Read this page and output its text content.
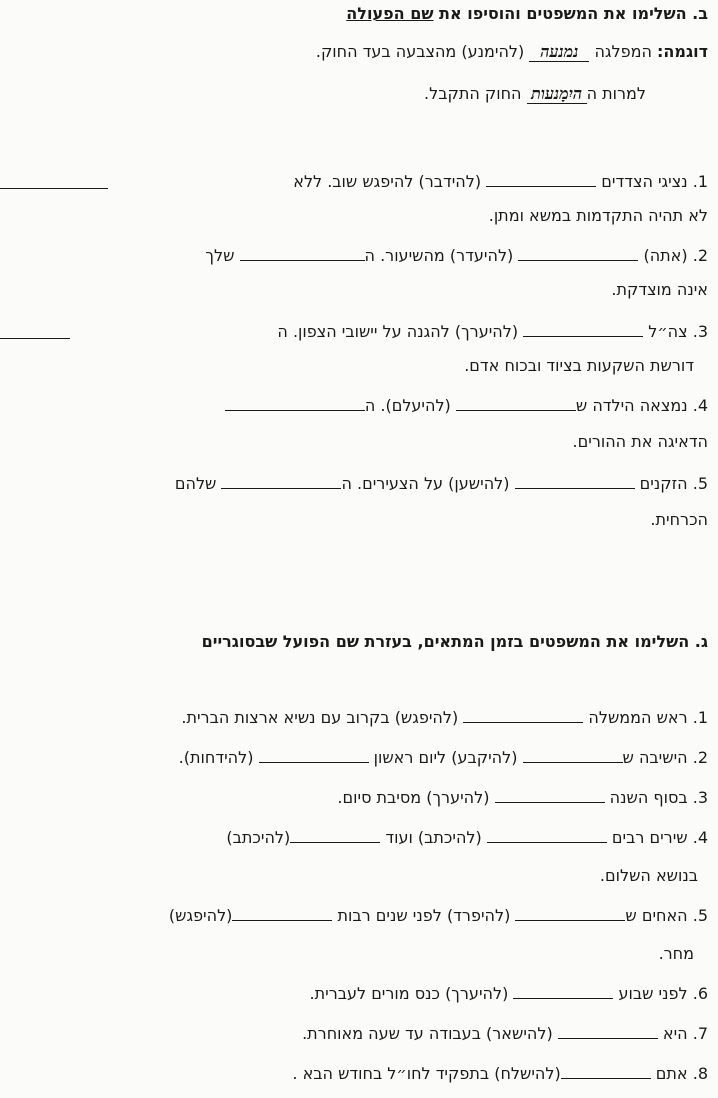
ב. השלימו את המשפטים והוסיפו את שם הפעולה
דוגמה: המפלגה נמנעה (להימנע) מהצבעה בעד החוק.
למרות ההיִמָנעות החוק התקבל.
1. נציגי הצדדים  (להידבר) להיפגש שוב. ללא
לא תהיה התקדמות במשא ומתן.
2. (אתה)  (להיעדר) מהשיעור. ה שלך
אינה מוצדקת.
3. צה״ל  (להיערך) להגנה על יישובי הצפון. ה
דורשת השקעות בציוד ובכוח אדם.
4. נמצאה הילדה ש (להיעלם). ה
הדאיגה את ההורים.
5. הזקנים  (להישען) על הצעירים. ה שלהם
הכרחית.
ג. השלימו את המשפטים בזמן המתאים, בעזרת שם הפועל שבסוגריים
1. ראש הממשלה  (להיפגש) בקרוב עם נשיא ארצות הברית.
2. הישיבה ש (להיקבע) ליום ראשון  (להידחות).
3. בסוף השנה  (להיערך) מסיבת סיום.
4. שירים רבים  (להיכתב) ועוד (להיכתב)
בנושא השלום.
5. האחים ש (להיפרד) לפני שנים רבות (להיפגש)
מחר.
6. לפני שבוע  (להיערך) כנס מורים לעברית.
7. היא  (להישאר) בעבודה עד שעה מאוחרת.
8. אתם (להישלח) בתפקיד לחו״ל בחודש הבא .
